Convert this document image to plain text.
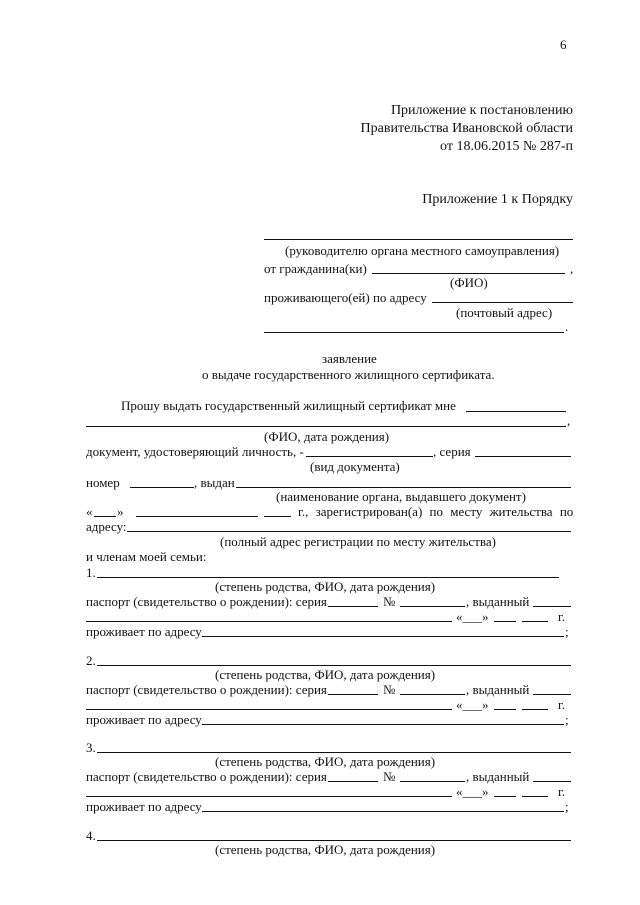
6
Приложение к постановлению
Правительства Ивановской области
от 18.06.2015 № 287-п
Приложение 1 к Порядку
(руководителю органа местного самоуправления)
от гражданина(ки)	,
(ФИО)
проживающего(ей) по адресу
(почтовый адрес)
.
заявление
о выдаче государственного жилищного сертификата.
Прошу выдать государственный жилищный сертификат мне
,
(ФИО, дата рождения)
документ, удостоверяющий личность, -	, серия
(вид документа)
номер	, выдан
(наименование органа, выдавшего документ)
« »	г., зарегистрирован(а) по месту жительства по
адресу:
(полный адрес регистрации по месту жительства)
и членам моей семьи:
1.
(степень родства, ФИО, дата рождения)
паспорт (свидетельство о рождении): серия	№	, выданный
«___»	г.
проживает по адресу	;
2.
(степень родства, ФИО, дата рождения)
паспорт (свидетельство о рождении): серия	№	, выданный
«___»	г.
проживает по адресу	;
3.
(степень родства, ФИО, дата рождения)
паспорт (свидетельство о рождении): серия	№	, выданный
«___»	г.
проживает по адресу	;
4.
(степень родства, ФИО, дата рождения)
